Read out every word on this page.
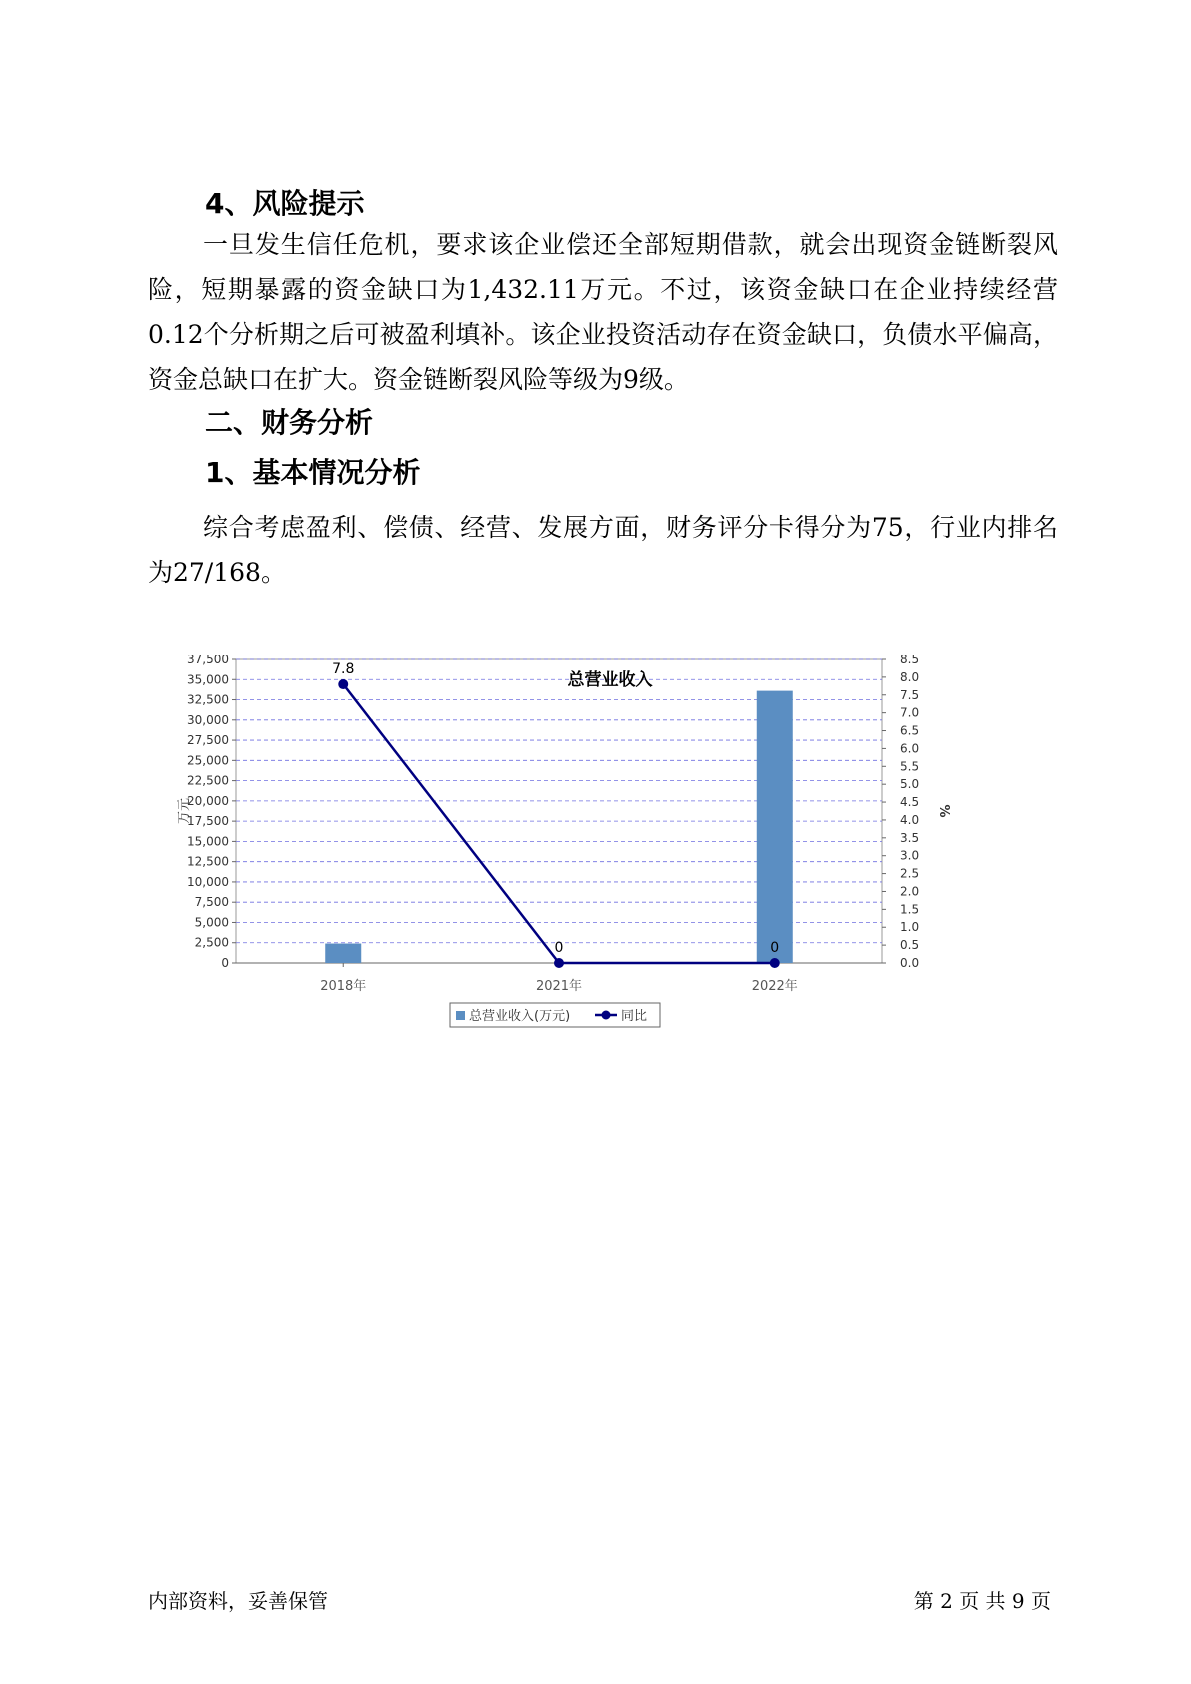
4、风险提示

一旦发生信任危机，要求该企业偿还全部短期借款，就会出现资金链断裂风险，短期暴露的资金缺口为1,432.11万元。不过，该资金缺口在企业持续经营 0.12个分析期之后可被盈利填补。该企业投资活动存在资金缺口，负债水平偏高，资金总缺口在扩大。资金链断裂风险等级为9级。

二、财务分析
1、基本情况分析

综合考虑盈利、偿债、经营、发展方面，财务评分卡得分为75，行业内排名为27/168。

总营业收入
0
2,500
5,000
7,500
10,000
12,500
15,000
17,500
20,000
22,500
25,000
27,500
30,000
32,500
35,000
37,500
0.0
0.5
1.0
1.5
2.0
2.5
3.0
3.5
4.0
4.5
5.0
5.5
6.0
6.5
7.0
7.5
8.0
8.5
万元	%
2018年	2021年	2022年
7.8
0	0
总营业收入(万元)	同比
内部资料，妥善保管	第 2 页 共 9 页
